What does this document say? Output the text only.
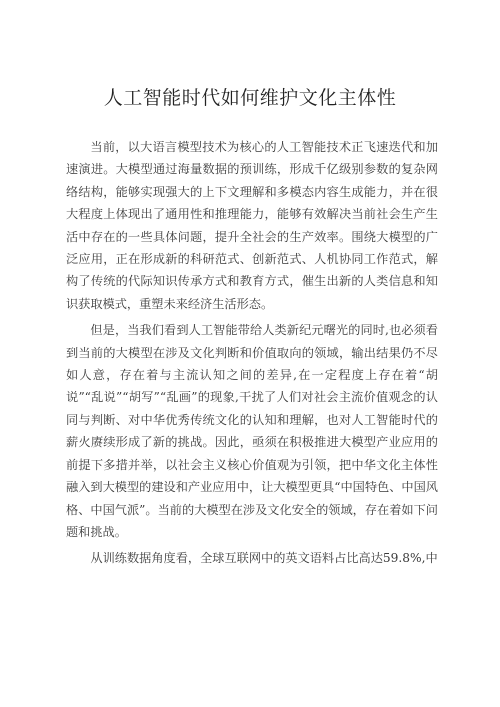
人工智能时代如何维护文化主体性

当前，以大语言模型技术为核心的人工智能技术正飞速迭代和加速演进。大模型通过海量数据的预训练，形成千亿级别参数的复杂网络结构，能够实现强大的上下文理解和多模态内容生成能力，并在很大程度上体现出了通用性和推理能力，能够有效解决当前社会生产生活中存在的一些具体问题，提升全社会的生产效率。围绕大模型的广泛应用，正在形成新的科研范式、创新范式、人机协同工作范式，解构了传统的代际知识传承方式和教育方式，催生出新的人类信息和知识获取模式，重塑未来经济生活形态。

但是，当我们看到人工智能带给人类新纪元曙光的同时,也必须看到当前的大模型在涉及文化判断和价值取向的领域，输出结果仍不尽如人意，存在着与主流认知之间的差异,在一定程度上存在着“胡说”“乱说”“胡写”“乱画”的现象,干扰了人们对社会主流价值观念的认同与判断、对中华优秀传统文化的认知和理解，也对人工智能时代的薪火赓续形成了新的挑战。因此，亟须在积极推进大模型产业应用的前提下多措并举，以社会主义核心价值观为引领，把中华文化主体性融入到大模型的建设和产业应用中，让大模型更具“中国特色、中国风格、中国气派”。当前的大模型在涉及文化安全的领域，存在着如下问题和挑战。

从训练数据角度看，全球互联网中的英文语料占比高达59.8%,中
